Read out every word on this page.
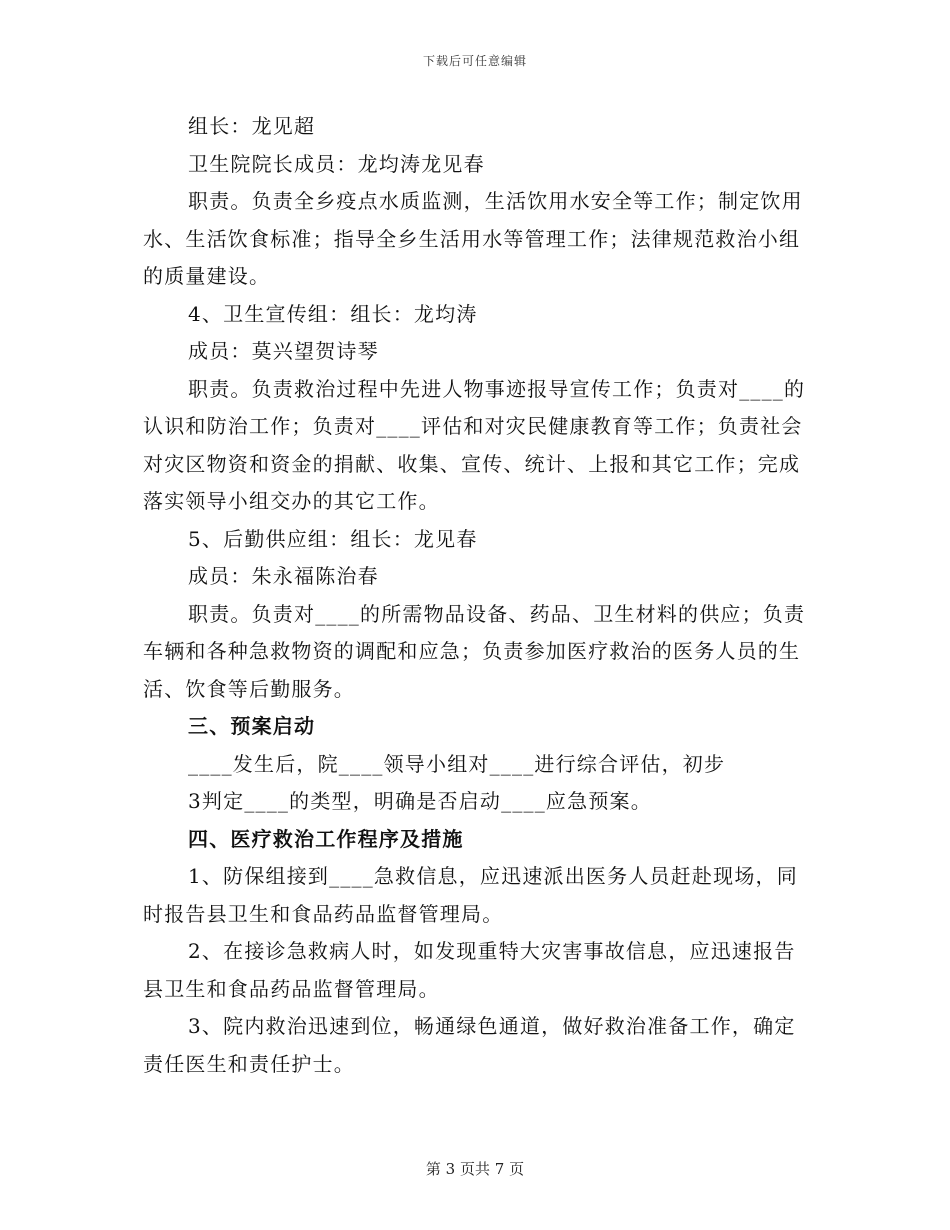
下载后可任意编辑

组长：龙见超

卫生院院长成员：龙均涛龙见春

职责。负责全乡疫点水质监测，生活饮用水安全等工作；制定饮用水、生活饮食标准；指导全乡生活用水等管理工作；法律规范救治小组的质量建设。

4、卫生宣传组：组长：龙均涛

成员：莫兴望贺诗琴

职责。负责救治过程中先进人物事迹报导宣传工作；负责对____的认识和防治工作；负责对____评估和对灾民健康教育等工作；负责社会对灾区物资和资金的捐献、收集、宣传、统计、上报和其它工作；完成落实领导小组交办的其它工作。

5、后勤供应组：组长：龙见春

成员：朱永福陈治春

职责。负责对____的所需物品设备、药品、卫生材料的供应；负责车辆和各种急救物资的调配和应急；负责参加医疗救治的医务人员的生活、饮食等后勤服务。

三、预案启动

____发生后，院____领导小组对____进行综合评估，初步

3判定____的类型，明确是否启动____应急预案。

四、医疗救治工作程序及措施

1、防保组接到____急救信息，应迅速派出医务人员赶赴现场，同时报告县卫生和食品药品监督管理局。

2、在接诊急救病人时，如发现重特大灾害事故信息，应迅速报告县卫生和食品药品监督管理局。

3、院内救治迅速到位，畅通绿色通道，做好救治准备工作，确定责任医生和责任护士。

第 3 页共 7 页
